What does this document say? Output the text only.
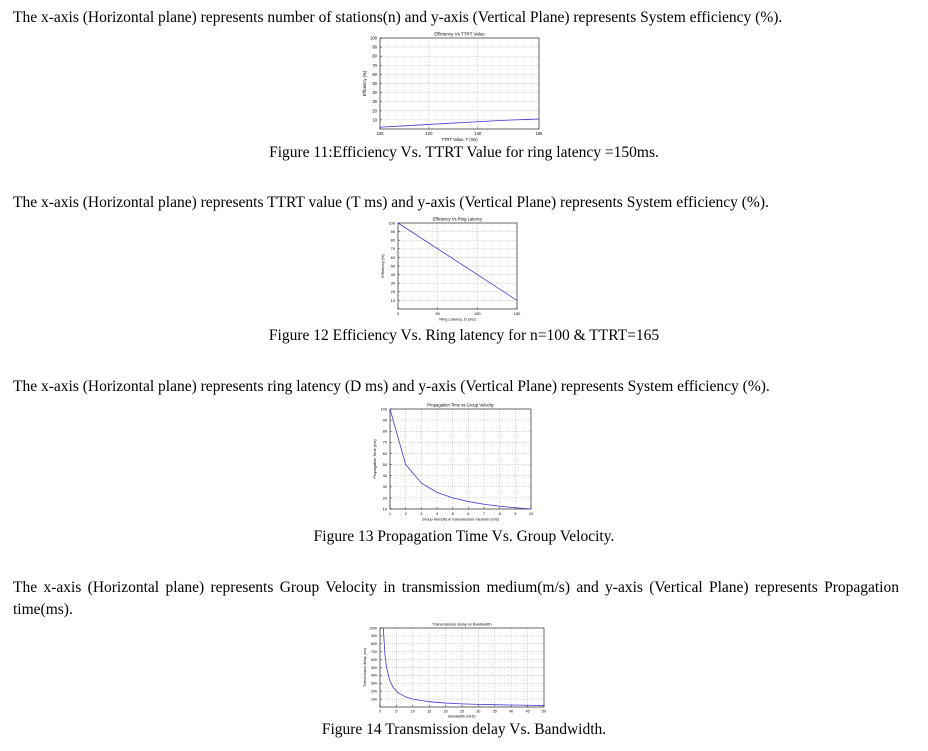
The x-axis (Horizontal plane) represents number of stations(n) and y-axis (Vertical Plane) represents System efficiency (%).

Efficiency Vs TTRT Value
10
20
30
40
50
60
70
80
90
100
100	120	140	165
TTRT Value, T (ms)
Efficiency (%)

Figure 11:Efficiency Vs. TTRT Value for ring latency =150ms.

The x-axis (Horizontal plane) represents TTRT value (T ms) and y-axis (Vertical Plane) represents System efficiency (%).

Efficiency Vs Ring Latency
10
20
30
40
50
60
70
80
90
100
0	50	100	150
Ring Latency, D (ms)
Efficiency (%)

Figure 12 Efficiency Vs. Ring latency for n=100 & TTRT=165

The x-axis (Horizontal plane) represents ring latency (D ms) and y-axis (Vertical Plane) represents System efficiency (%).

Propagation Time vs Group Velocity
10
20
30
40
50
60
70
80
90
100
1	2	3	4	5	6	7	8	9	10
Group Velocity in transmission medium (m/s)
Propagation Time (ms)

Figure 13 Propagation Time Vs. Group Velocity.

The x-axis (Horizontal plane) represents Group Velocity in transmission medium(m/s) and y-axis (Vertical Plane) represents Propagation time(ms).

Transmission delay vs Bandwidth
100
200
300
400
500
600
700
800
900
1000
0	5	10	15	20	25	30	35	40	45	50
Bandwidth (GHz)
Transmission delay (ms)

Figure 14 Transmission delay Vs. Bandwidth.
